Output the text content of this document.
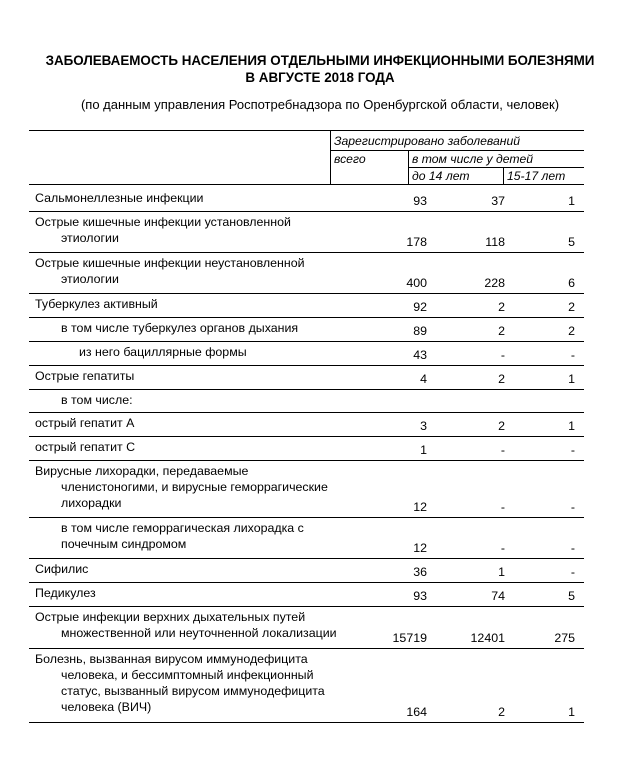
ЗАБОЛЕВАЕМОСТЬ НАСЕЛЕНИЯ ОТДЕЛЬНЫМИ ИНФЕКЦИОННЫМИ БОЛЕЗНЯМИ
В АВГУСТЕ 2018 ГОДА
(по данным управления Роспотребнадзора по Оренбургской области, человек)
Зарегистрировано заболеваний
всего	в том числе у детей
до 14 лет	15-17 лет
Сальмонеллезные инфекции	93	37	1
Острые кишечные инфекции установленной
этиологии	178	118	5
Острые кишечные инфекции неустановленной
этиологии	400	228	6
Туберкулез активный	92	2	2
в том числе туберкулез органов дыхания	89	2	2
из него бациллярные формы	43	-	-
Острые гепатиты	4	2	1
в том числе:
острый гепатит А	3	2	1
острый гепатит С	1	-	-
Вирусные лихорадки, передаваемые
членистоногими, и вирусные геморрагические
лихорадки	12	-	-
в том числе геморрагическая лихорадка с
почечным синдромом	12	-	-
Сифилис	36	1	-
Педикулез	93	74	5
Острые инфекции верхних дыхательных путей
множественной или неуточненной локализации	15719	12401	275
Болезнь, вызванная вирусом иммунодефицита
человека, и бессимптомный инфекционный
статус, вызванный вирусом иммунодефицита
человека (ВИЧ)	164	2	1
